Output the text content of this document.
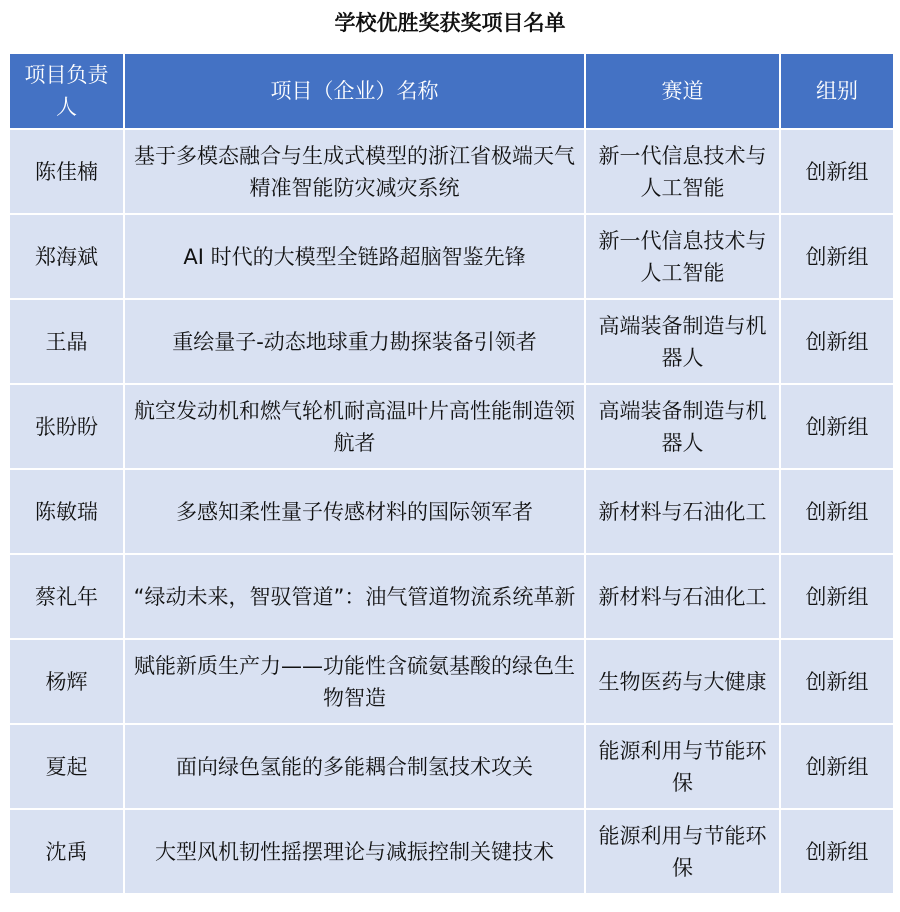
学校优胜奖获奖项目名单
项目负责人	项目（企业）名称	赛道	组别
陈佳楠	基于多模态融合与生成式模型的浙江省极端天气精准智能防灾减灾系统	新一代信息技术与人工智能	创新组
郑海斌	AI 时代的大模型全链路超脑智鉴先锋	新一代信息技术与人工智能	创新组
王晶	重绘量子-动态地球重力勘探装备引领者	高端装备制造与机器人	创新组
张盼盼	航空发动机和燃气轮机耐高温叶片高性能制造领航者	高端装备制造与机器人	创新组
陈敏瑞	多感知柔性量子传感材料的国际领军者	新材料与石油化工	创新组
蔡礼年	“绿动未来，智驭管道”：油气管道物流系统革新	新材料与石油化工	创新组
杨辉	赋能新质生产力——功能性含硫氨基酸的绿色生物智造	生物医药与大健康	创新组
夏起	面向绿色氢能的多能耦合制氢技术攻关	能源利用与节能环保	创新组
沈禹	大型风机韧性摇摆理论与减振控制关键技术	能源利用与节能环保	创新组
